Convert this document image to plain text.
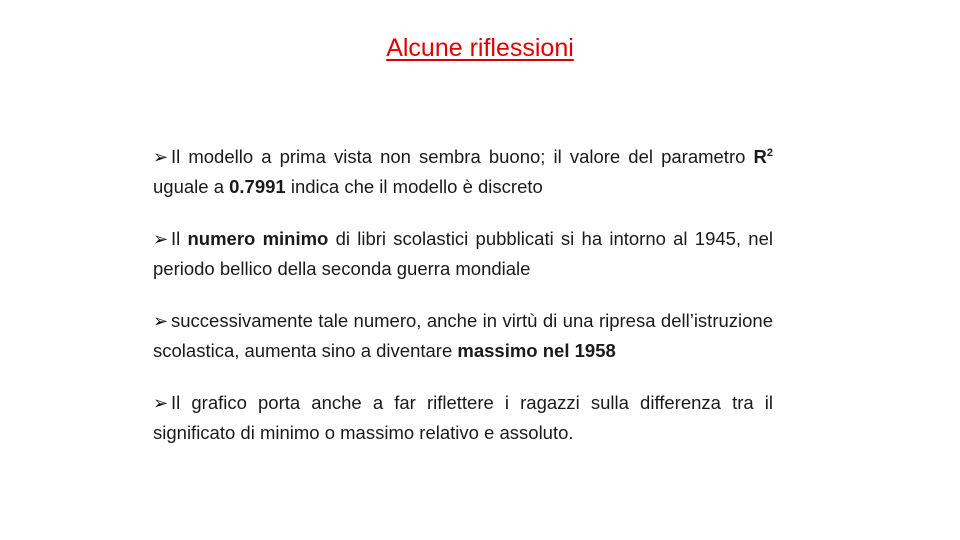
Alcune riflessioni

➢ Il modello a prima vista non sembra buono; il valore del parametro $R^2$ uguale a 0.7991 indica che il modello è discreto

➢ Il numero minimo di libri scolastici pubblicati si ha intorno al 1945, nel periodo bellico della seconda guerra mondiale

➢ successivamente tale numero, anche in virtù di una ripresa dell’istruzione scolastica, aumenta sino a diventare massimo nel 1958

➢ Il grafico porta anche a far riflettere i ragazzi sulla differenza tra il significato di minimo o massimo relativo e assoluto.
